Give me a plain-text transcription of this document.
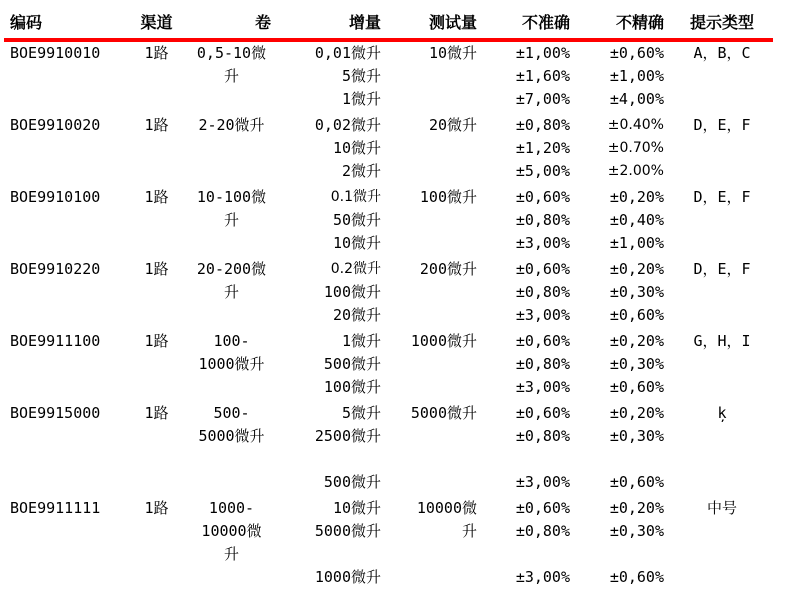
编码	渠道	卷	增量	测试量	不准确	不精确	提示类型
BOE9910010	1路	0,5-10微	0,01微升	10微升	±1,00%	±0,60%	A，B，C
		升	5微升		±1,60%	±1,00%	
			1微升		±7,00%	±4,00%	
BOE9910020	1路	2-20微升	0,02微升	20微升	±0,80%	±0.40%	D，E，F
			10微升		±1,20%	±0.70%	
			2微升		±5,00%	±2.00%	
BOE9910100	1路	10-100微	0.1微升	100微升	±0,60%	±0,20%	D，E，F
		升	50微升		±0,80%	±0,40%	
			10微升		±3,00%	±1,00%	
BOE9910220	1路	20-200微	0.2微升	200微升	±0,60%	±0,20%	D，E，F
		升	100微升		±0,80%	±0,30%	
			20微升		±3,00%	±0,60%	
BOE9911100	1路	100-	1微升	1000微升	±0,60%	±0,20%	G，H，I
		1000微升	500微升		±0,80%	±0,30%	
			100微升		±3,00%	±0,60%	
BOE9915000	1路	500-	5微升	5000微升	±0,60%	±0,20%	ķ
		5000微升	2500微升		±0,80%	±0,30%	

			500微升		±3,00%	±0,60%	
BOE9911111	1路	1000-	10微升	10000微	±0,60%	±0,20%	中号
		10000微	5000微升	升	±0,80%	±0,30%	
		升					
			1000微升		±3,00%	±0,60%	
